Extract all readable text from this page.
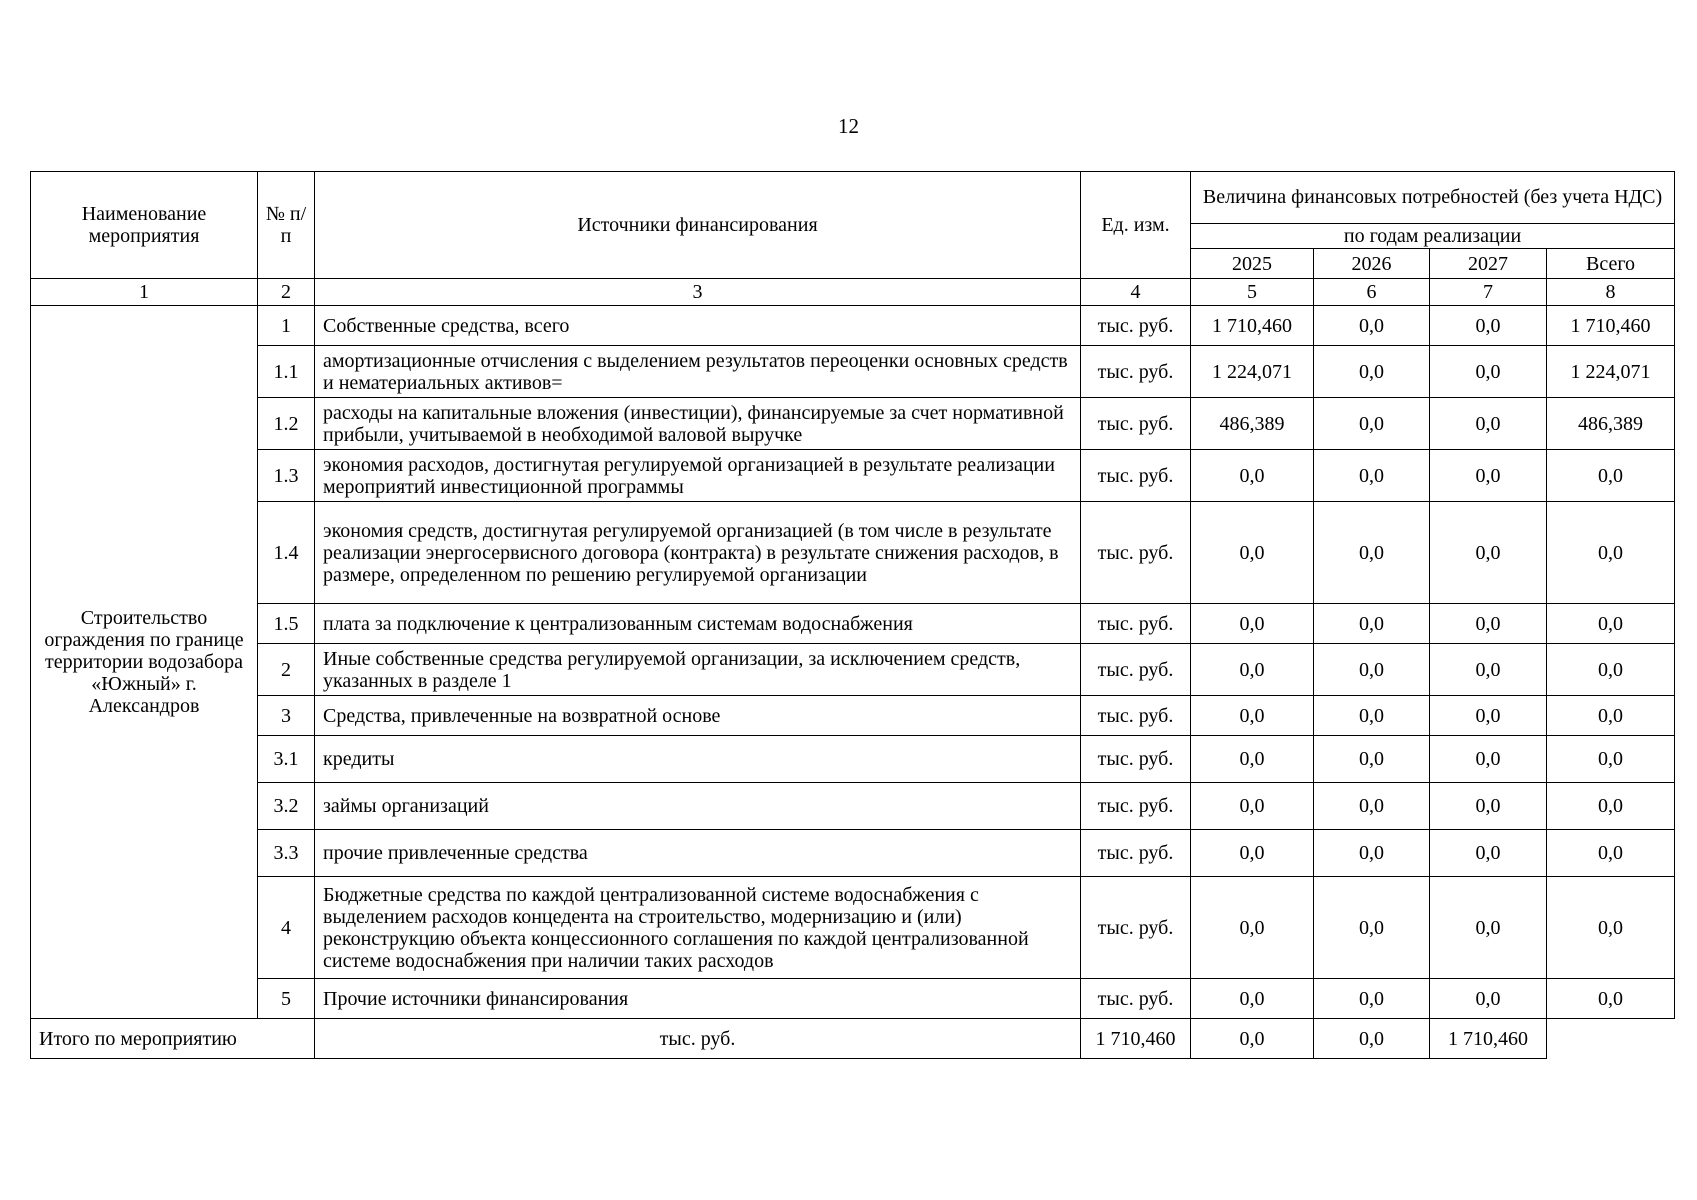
12
Наименование мероприятия	№ п/п	Источники финансирования	Ед. изм.	Величина финансовых потребностей (без учета НДС)			
				по годам реализации			
				2025	2026	2027	Всего
1	2	3	4	5	6	7	8
Строительство ограждения по границе территории водозабора «Южный» г. Александров	1	Собственные средства, всего	тыс. руб.	1 710,460	0,0	0,0	1 710,460
	1.1	амортизационные отчисления с выделением результатов переоценки основных средств и нематериальных активов=	тыс. руб.	1 224,071	0,0	0,0	1 224,071
	1.2	расходы на капитальные вложения (инвестиции), финансируемые за счет нормативной прибыли, учитываемой в необходимой валовой выручке	тыс. руб.	486,389	0,0	0,0	486,389
	1.3	экономия расходов, достигнутая регулируемой организацией в результате реализации мероприятий инвестиционной программы	тыс. руб.	0,0	0,0	0,0	0,0
	1.4	экономия средств, достигнутая регулируемой организацией (в том числе в результате реализации энергосервисного договора (контракта) в результате снижения расходов, в размере, определенном по решению регулируемой организации	тыс. руб.	0,0	0,0	0,0	0,0
	1.5	плата за подключение к централизованным системам водоснабжения	тыс. руб.	0,0	0,0	0,0	0,0
	2	Иные собственные средства регулируемой организации, за исключением средств, указанных в разделе 1	тыс. руб.	0,0	0,0	0,0	0,0
	3	Средства, привлеченные на возвратной основе	тыс. руб.	0,0	0,0	0,0	0,0
	3.1	кредиты	тыс. руб.	0,0	0,0	0,0	0,0
	3.2	займы организаций	тыс. руб.	0,0	0,0	0,0	0,0
	3.3	прочие привлеченные средства	тыс. руб.	0,0	0,0	0,0	0,0
	4	Бюджетные средства по каждой централизованной системе водоснабжения с выделением расходов концедента на строительство, модернизацию и (или) реконструкцию объекта концессионного соглашения по каждой централизованной системе водоснабжения при наличии таких расходов	тыс. руб.	0,0	0,0	0,0	0,0
	5	Прочие источники финансирования	тыс. руб.	0,0	0,0	0,0	0,0
Итого по мероприятию		тыс. руб.	1 710,460	0,0	0,0	1 710,460	
